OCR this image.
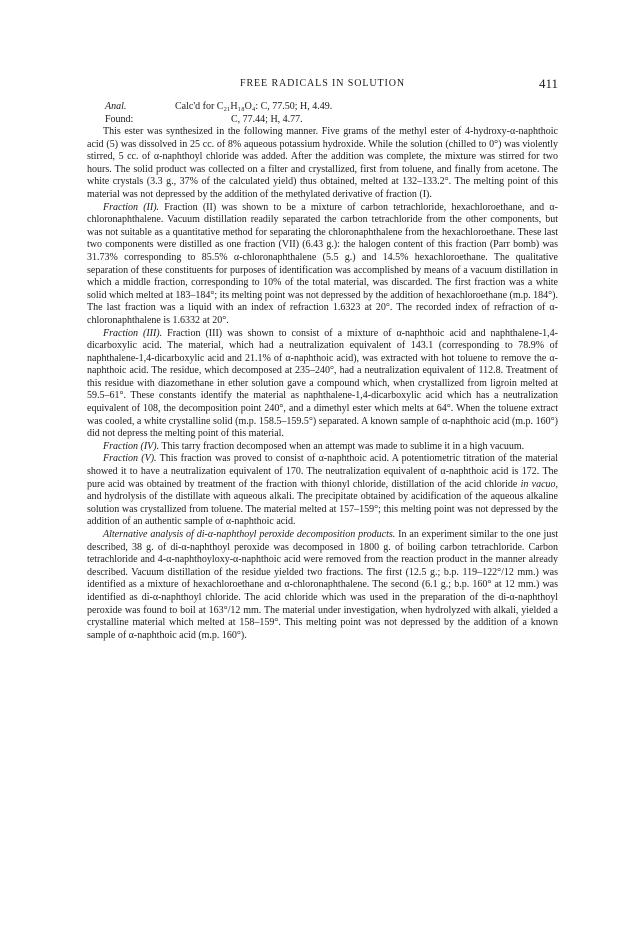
FREE RADICALS IN SOLUTION	411
Anal.	Calc'd for C₂₁H₁₈O₄: C, 77.50; H, 4.49.
Found:	C, 77.44; H, 4.77.

This ester was synthesized in the following manner. Five grams of the methyl ester of 4-hydroxy-α-naphthoic acid (5) was dissolved in 25 cc. of 8% aqueous potassium hydroxide. While the solution (chilled to 0°) was violently stirred, 5 cc. of α-naphthoyl chloride was added. After the addition was complete, the mixture was stirred for two hours. The solid product was collected on a filter and crystallized, first from toluene, and finally from acetone. The white crystals (3.3 g., 37% of the calculated yield) thus obtained, melted at 132–133.2°. The melting point of this material was not depressed by the addition of the methylated derivative of fraction (I).

Fraction (II). Fraction (II) was shown to be a mixture of carbon tetrachloride, hexachloroethane, and α-chloronaphthalene. Vacuum distillation readily separated the carbon tetrachloride from the other components, but was not suitable as a quantitative method for separating the chloronaphthalene from the hexachloroethane. These last two components were distilled as one fraction (VII) (6.43 g.): the halogen content of this fraction (Parr bomb) was 31.73% corresponding to 85.5% α-chloronaphthalene (5.5 g.) and 14.5% hexachloroethane. The qualitative separation of these constituents for purposes of identification was accomplished by means of a vacuum distillation in which a middle fraction, corresponding to 10% of the total material, was discarded. The first fraction was a white solid which melted at 183–184°; its melting point was not depressed by the addition of hexachloroethane (m.p. 184°). The last fraction was a liquid with an index of refraction 1.6323 at 20°. The recorded index of refraction of α-chloronaphthalene is 1.6332 at 20°.

Fraction (III). Fraction (III) was shown to consist of a mixture of α-naphthoic acid and naphthalene-1,4-dicarboxylic acid. The material, which had a neutralization equivalent of 143.1 (corresponding to 78.9% of naphthalene-1,4-dicarboxylic acid and 21.1% of α-naphthoic acid), was extracted with hot toluene to remove the α-naphthoic acid. The residue, which decomposed at 235–240°, had a neutralization equivalent of 112.8. Treatment of this residue with diazomethane in ether solution gave a compound which, when crystallized from ligroin melted at 59.5–61°. These constants identify the material as naphthalene-1,4-dicarboxylic acid which has a neutralization equivalent of 108, the decomposition point 240°, and a dimethyl ester which melts at 64°. When the toluene extract was cooled, a white crystalline solid (m.p. 158.5–159.5°) separated. A known sample of α-naphthoic acid (m.p. 160°) did not depress the melting point of this material.

Fraction (IV). This tarry fraction decomposed when an attempt was made to sublime it in a high vacuum.

Fraction (V). This fraction was proved to consist of α-naphthoic acid. A potentiometric titration of the material showed it to have a neutralization equivalent of 170. The neutralization equivalent of α-naphthoic acid is 172. The pure acid was obtained by treatment of the fraction with thionyl chloride, distillation of the acid chloride in vacuo, and hydrolysis of the distillate with aqueous alkali. The precipitate obtained by acidification of the aqueous alkaline solution was crystallized from toluene. The material melted at 157–159°; this melting point was not depressed by the addition of an authentic sample of α-naphthoic acid.

Alternative analysis of di-α-naphthoyl peroxide decomposition products. In an experiment similar to the one just described, 38 g. of di-α-naphthoyl peroxide was decomposed in 1800 g. of boiling carbon tetrachloride. Carbon tetrachloride and 4-α-naphthoyloxy-α-naphthoic acid were removed from the reaction product in the manner already described. Vacuum distillation of the residue yielded two fractions. The first (12.5 g.; b.p. 119–122°/12 mm.) was identified as a mixture of hexachloroethane and α-chloronaphthalene. The second (6.1 g.; b.p. 160° at 12 mm.) was identified as di-α-naphthoyl chloride. The acid chloride which was used in the preparation of the di-α-naphthoyl peroxide was found to boil at 163°/12 mm. The material under investigation, when hydrolyzed with alkali, yielded a crystalline material which melted at 158–159°. This melting point was not depressed by the addition of a known sample of α-naphthoic acid (m.p. 160°).
